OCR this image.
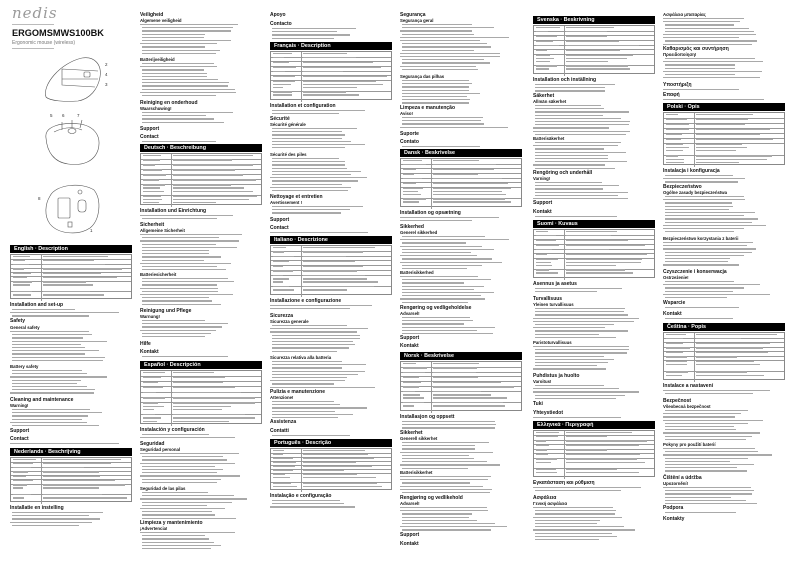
nedis
ERGOMSMWS100BK
Ergonomic mouse (wireless)
2
4
3
5 6	7
8
1
English · Description
Installation and set-up
Safety
General safety
Battery safety
Cleaning and maintenance
Warning!
Support
Contact
Nederlands · Beschrijving
Installatie en instelling
Veiligheid
Algemene veiligheid
Batterijveiligheid
Reiniging en onderhoud
Waarschuwing!
Support
Contact
Deutsch · Beschreibung
Installation und Einrichtung
Sicherheit
Allgemeine Sicherheit
Batteriesicherheit
Reinigung und Pflege
Warnung!
Hilfe
Kontakt
Español · Descripción
Instalación y configuración
Seguridad
Seguridad personal
Seguridad de las pilas
Limpieza y mantenimiento
¡Advertencia!
Apoyo
Contacto
Français · Description
Installation et configuration
Sécurité
Sécurité générale
Sécurité des piles
Nettoyage et entretien
Avertissement !
Support
Contact
Italiano · Descrizione
Installazione e configurazione
Sicurezza
Sicurezza generale
Sicurezza relativa alla batteria
Pulizia e manutenzione
Attenzione!
Assistenza
Contatti
Português · Descrição
Instalação e configuração
Segurança
Segurança geral
Segurança das pilhas
Limpeza e manutenção
Aviso!
Suporte
Contato
Dansk · Beskrivelse
Installation og opsætning
Sikkerhed
Generel sikkerhed
Batterisikkerhed
Rengøring og vedligeholdelse
Advarsel!
Support
Kontakt
Norsk · Beskrivelse
Installasjon og oppsett
Sikkerhet
Generell sikkerhet
Batterisikkerhet
Rengjøring og vedlikehold
Advarsel!
Support
Kontakt
Svenska · Beskrivning
Installation och inställning
Säkerhet
Allmän säkerhet
Batterisäkerhet
Rengöring och underhåll
Varning!
Support
Kontakt
Suomi · Kuvaus
Asennus ja asetus
Turvallisuus
Yleinen turvallisuus
Paristoturvallisuus
Puhdistus ja huolto
Varoitus!
Tuki
Yhteystiedot
Ελληνικά · Περιγραφή
Εγκατάσταση και ρύθμιση
Ασφάλεια
Γενική ασφάλεια
Ασφάλεια μπαταρίας
Καθαρισμός και συντήρηση
Προειδοποίηση!
Υποστήριξη
Επαφή
Polski · Opis
Instalacja i konfiguracja
Bezpieczeństwo
Ogólne zasady bezpieczeństwa
Bezpieczeństwo korzystania z baterii
Czyszczenie i konserwacja
Ostrzeżenie!
Wsparcie
Kontakt
Čeština · Popis
Instalace a nastavení
Bezpečnost
Všeobecná bezpečnost
Pokyny pro použití baterií
Čištění a údržba
Upozornění!
Podpora
Kontakty
